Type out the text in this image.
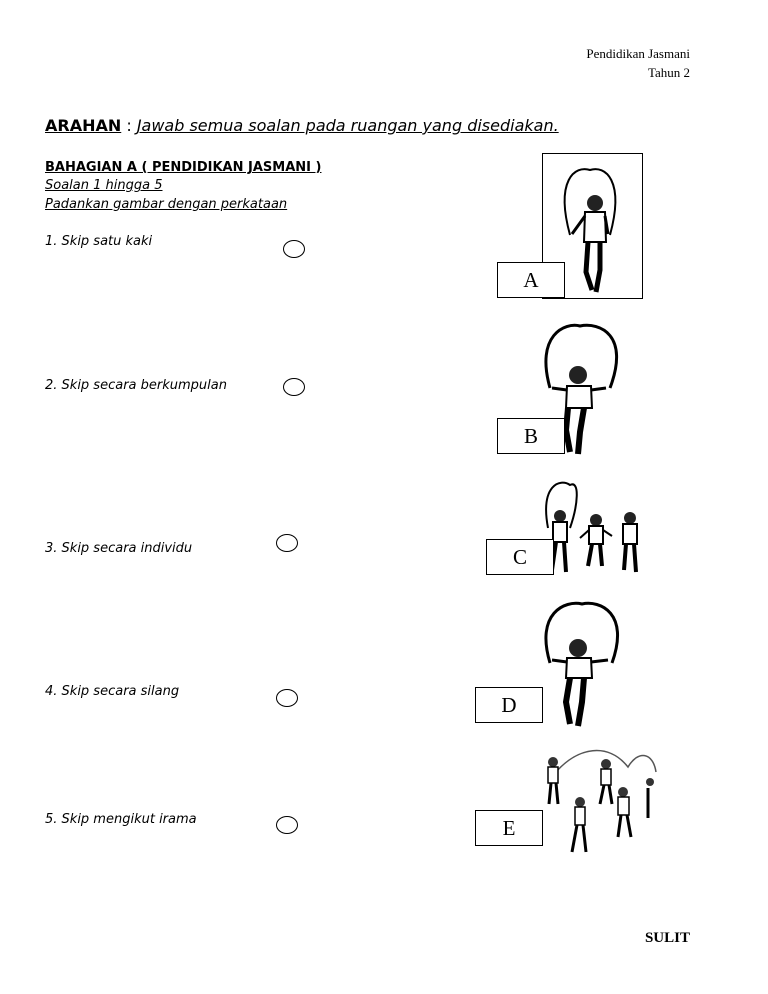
Pendidikan Jasmani
Tahun 2
ARAHAN : Jawab semua soalan pada ruangan yang disediakan.
BAHAGIAN A ( PENDIDIKAN JASMANI )
Soalan 1 hingga 5
Padankan gambar dengan perkataan
1. Skip satu kaki
2. Skip secara berkumpulan
3. Skip secara individu
4. Skip secara silang
5. Skip mengikut irama
A
B
C
D
E
SULIT
